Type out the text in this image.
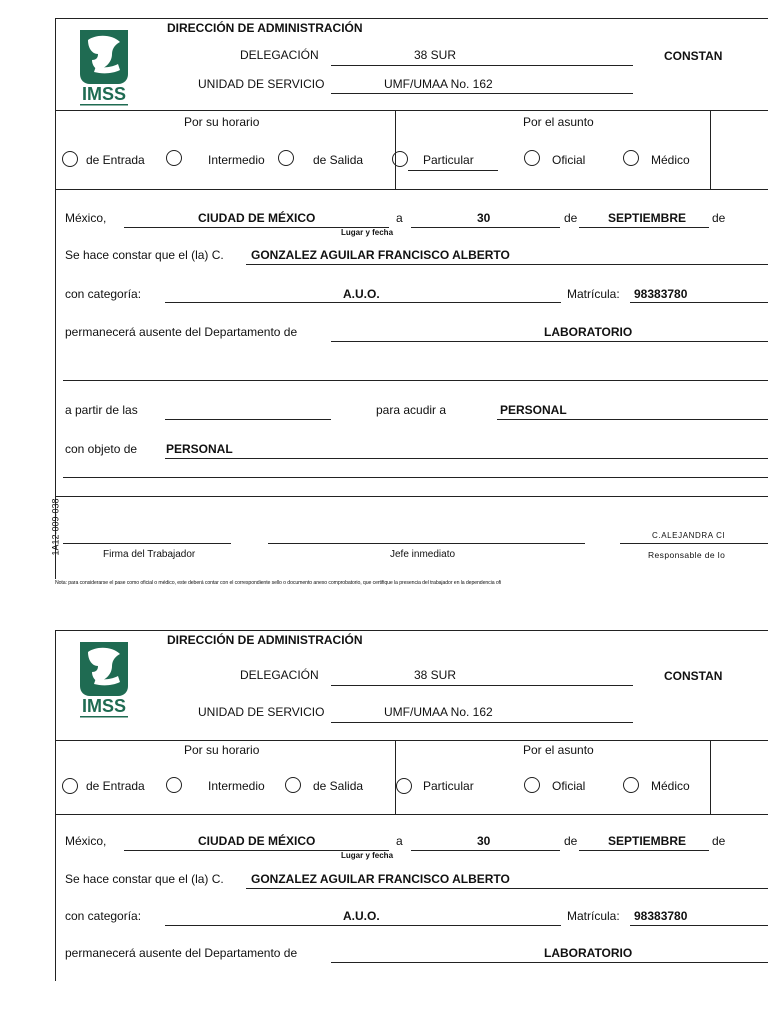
IMSS
DIRECCIÓN DE ADMINISTRACIÓN
DELEGACIÓN	38 SUR	CONSTAN
UNIDAD DE SERVICIO	UMF/UMAA No. 162
Por su horario	Por el asunto
de Entrada	Intermedio	de Salida	Particular	Oficial	Médico
México,	CIUDAD DE MÉXICO	a	30	de	SEPTIEMBRE de
Lugar y fecha
Se hace constar que el (la) C. GONZALEZ AGUILAR FRANCISCO ALBERTO
con categoría:	A.U.O.	Matrícula: 98383780
permanecerá ausente del Departamento de	LABORATORIO
a partir de las	para acudir a	PERSONAL
con objeto de PERSONAL
C.ALEJANDRA CI
Firma del Trabajador	Jefe inmediato	Responsable de lo
1A12-009-038
Nota: para considerarse el pase como oficial o médico, este deberá contar con el correspondiente sello o documento anexo comprobatorio, que certifique la presencia del trabajador en la dependencia ofi
IMSS
DIRECCIÓN DE ADMINISTRACIÓN
DELEGACIÓN	38 SUR	CONSTAN
UNIDAD DE SERVICIO	UMF/UMAA No. 162
Por su horario	Por el asunto
de Entrada	Intermedio	de Salida	Particular	Oficial	Médico
México,	CIUDAD DE MÉXICO	a	30	de	SEPTIEMBRE de
Lugar y fecha
Se hace constar que el (la) C. GONZALEZ AGUILAR FRANCISCO ALBERTO
con categoría:	A.U.O.	Matrícula: 98383780
permanecerá ausente del Departamento de	LABORATORIO
